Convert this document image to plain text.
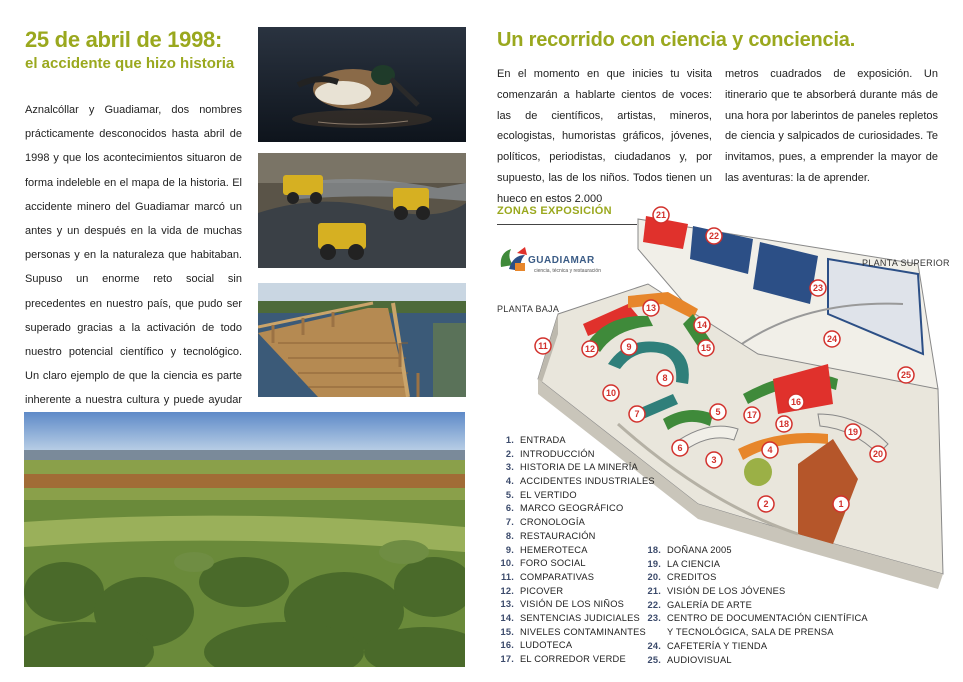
25 de abril de 1998:
el accidente que hizo historia
Aznalcóllar y Guadiamar, dos nombres prácticamente desconocidos hasta abril de 1998 y que los acontecimientos situaron de forma indeleble en el mapa de la historia. El accidente minero del Guadiamar marcó un antes y un después en la vida de muchas personas y en la naturaleza que habitaban. Supuso un enorme reto social sin precedentes en nuestro país, que pudo ser superado gracias a la activación de todo nuestro potencial científico y tecnológico. Un claro ejemplo de que la ciencia es parte inherente a nuestra cultura y puede ayudar
Un recorrido con ciencia y conciencia.
En el momento en que inicies tu visita comenzarán a hablarte cientos de voces: las de científicos, artistas, mineros, ecologistas, humoristas gráficos, jóvenes, políticos, periodistas, ciudadanos y, por supuesto, las de los niños. Todos tienen un hueco en estos 2.000
metros cuadrados de exposición. Un itinerario que te absorberá durante más de una hora por laberintos de paneles repletos de ciencia y salpicados de curiosidades. Te invitamos, pues, a emprender la mayor de las aventuras: la de aprender.
ZONAS EXPOSICIÓN
1
2
3
4
5
6
7
8
9
10
11	12
13
14
15
16
17
18
19
20
21
22
23
24
25
PLANTA SUPERIOR
PLANTA BAJA
GUADIAMAR
ciencia, técnica y restauración
1. ENTRADA
2. INTRODUCCIÓN
3. HISTORIA DE LA MINERÍA
4. ACCIDENTES INDUSTRIALES
5. EL VERTIDO
6. MARCO GEOGRÁFICO
7. CRONOLOGÍA
8. RESTAURACIÓN
9. HEMEROTECA
10. FORO SOCIAL
11. COMPARATIVAS
12. PICOVER
13. VISIÓN DE LOS NIÑOS
14. SENTENCIAS JUDICIALES
15. NIVELES CONTAMINANTES
16. LUDOTECA
17. EL CORREDOR VERDE
18. DOÑANA 2005
19. LA CIENCIA
20. CREDITOS
21. VISIÓN DE LOS JÓVENES
22. GALERÍA DE ARTE
23. CENTRO DE DOCUMENTACIÓN CIENTÍFICA
Y TECNOLÓGICA, SALA DE PRENSA
24. CAFETERÍA Y TIENDA
25. AUDIOVISUAL
